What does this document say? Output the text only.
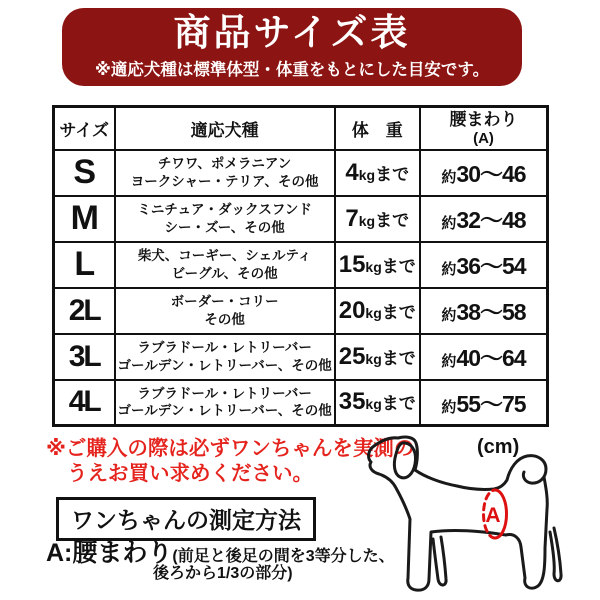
商品サイズ表
※適応犬種は標準体型・体重をもとにした目安です。
サイズ	適応犬種	体　重	腰まわり
(A)

S	チワワ、ポメラニアン
ヨークシャー・テリア、その他	4kgまで	約30〜46
M	ミニチュア・ダックスフンド
シー・ズー、その他	7kgまで	約32〜48
L	柴犬、コーギー、シェルティ
ビーグル、その他	15kgまで	約36〜54
2L	ボーダー・コリー
その他	20kgまで	約38〜58
3L	ラブラドール・レトリーバー
ゴールデン・レトリーバー、その他	25kgまで	約40〜64
4L	ラブラドール・レトリーバー
ゴールデン・レトリーバー、その他	35kgまで	約55〜75
(cm)
※ご購入の際は必ずワンちゃんを実測の
うえお買い求めください。
ワンちゃんの測定方法
A:腰まわり (前足と後足の間を3等分した、
後ろから1/3の部分)
A
